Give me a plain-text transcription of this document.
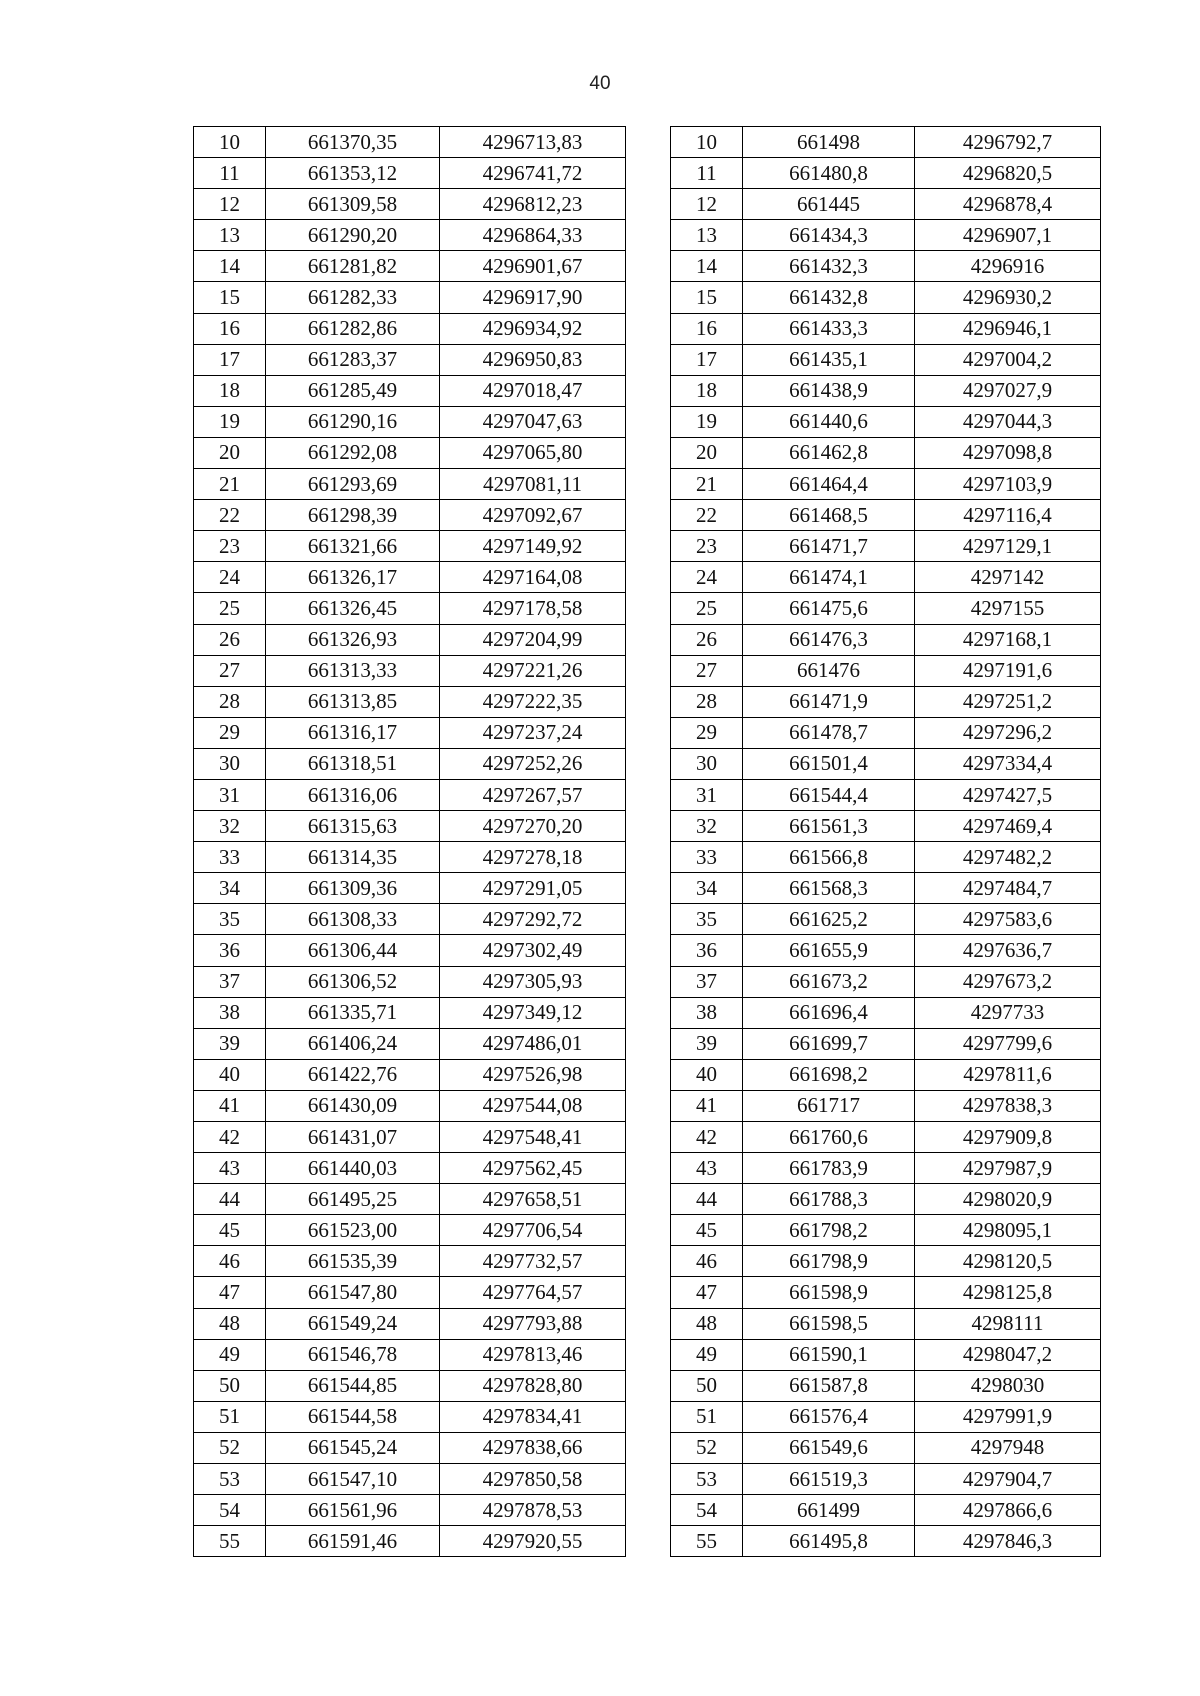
40
10	661370,35	4296713,83
11	661353,12	4296741,72
12	661309,58	4296812,23
13	661290,20	4296864,33
14	661281,82	4296901,67
15	661282,33	4296917,90
16	661282,86	4296934,92
17	661283,37	4296950,83
18	661285,49	4297018,47
19	661290,16	4297047,63
20	661292,08	4297065,80
21	661293,69	4297081,11
22	661298,39	4297092,67
23	661321,66	4297149,92
24	661326,17	4297164,08
25	661326,45	4297178,58
26	661326,93	4297204,99
27	661313,33	4297221,26
28	661313,85	4297222,35
29	661316,17	4297237,24
30	661318,51	4297252,26
31	661316,06	4297267,57
32	661315,63	4297270,20
33	661314,35	4297278,18
34	661309,36	4297291,05
35	661308,33	4297292,72
36	661306,44	4297302,49
37	661306,52	4297305,93
38	661335,71	4297349,12
39	661406,24	4297486,01
40	661422,76	4297526,98
41	661430,09	4297544,08
42	661431,07	4297548,41
43	661440,03	4297562,45
44	661495,25	4297658,51
45	661523,00	4297706,54
46	661535,39	4297732,57
47	661547,80	4297764,57
48	661549,24	4297793,88
49	661546,78	4297813,46
50	661544,85	4297828,80
51	661544,58	4297834,41
52	661545,24	4297838,66
53	661547,10	4297850,58
54	661561,96	4297878,53
55	661591,46	4297920,55
10	661498	4296792,7
11	661480,8	4296820,5
12	661445	4296878,4
13	661434,3	4296907,1
14	661432,3	4296916
15	661432,8	4296930,2
16	661433,3	4296946,1
17	661435,1	4297004,2
18	661438,9	4297027,9
19	661440,6	4297044,3
20	661462,8	4297098,8
21	661464,4	4297103,9
22	661468,5	4297116,4
23	661471,7	4297129,1
24	661474,1	4297142
25	661475,6	4297155
26	661476,3	4297168,1
27	661476	4297191,6
28	661471,9	4297251,2
29	661478,7	4297296,2
30	661501,4	4297334,4
31	661544,4	4297427,5
32	661561,3	4297469,4
33	661566,8	4297482,2
34	661568,3	4297484,7
35	661625,2	4297583,6
36	661655,9	4297636,7
37	661673,2	4297673,2
38	661696,4	4297733
39	661699,7	4297799,6
40	661698,2	4297811,6
41	661717	4297838,3
42	661760,6	4297909,8
43	661783,9	4297987,9
44	661788,3	4298020,9
45	661798,2	4298095,1
46	661798,9	4298120,5
47	661598,9	4298125,8
48	661598,5	4298111
49	661590,1	4298047,2
50	661587,8	4298030
51	661576,4	4297991,9
52	661549,6	4297948
53	661519,3	4297904,7
54	661499	4297866,6
55	661495,8	4297846,3
